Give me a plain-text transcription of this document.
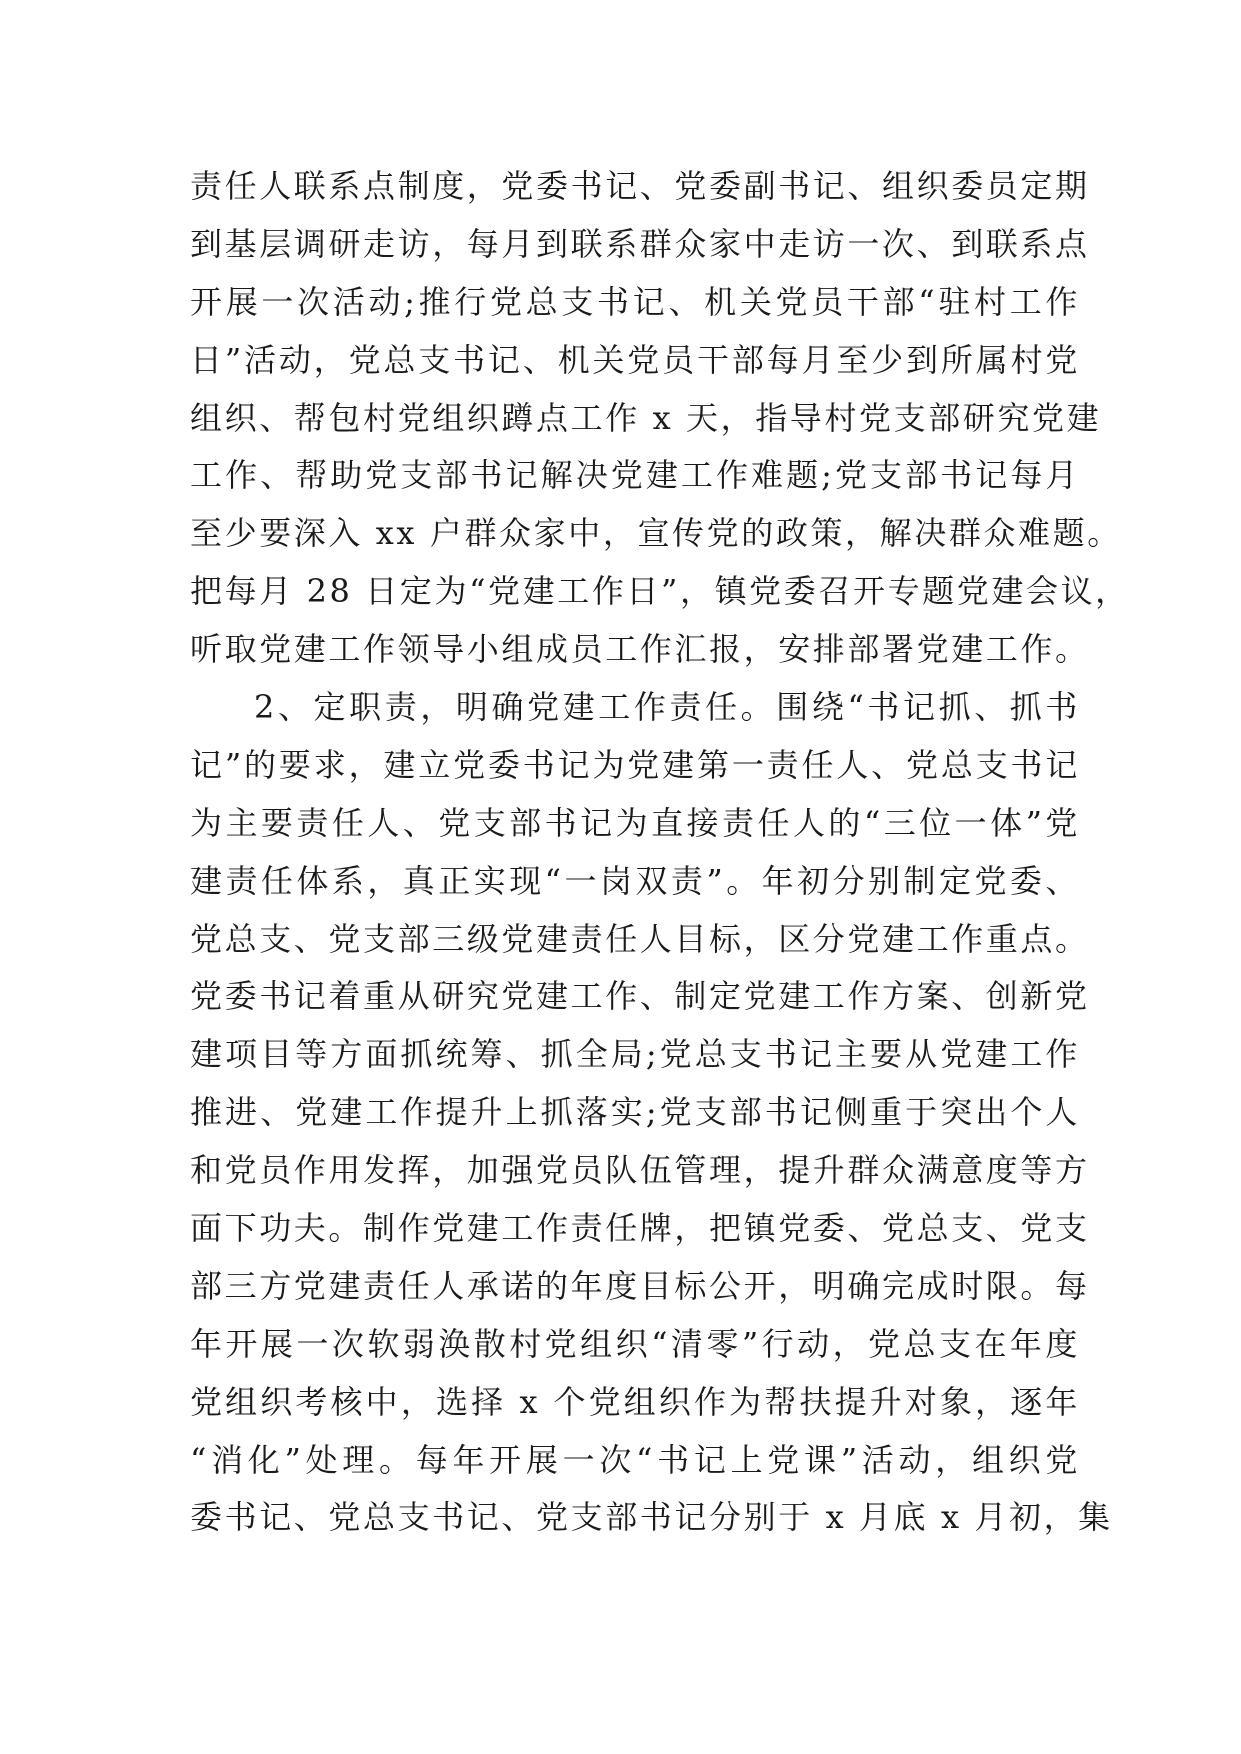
责任人联系点制度，党委书记、党委副书记、组织委员定期
到基层调研走访，每月到联系群众家中走访一次、到联系点
开展一次活动;推行党总支书记、机关党员干部“驻村工作
日”活动，党总支书记、机关党员干部每月至少到所属村党
组织、帮包村党组织蹲点工作 x 天，指导村党支部研究党建
工作、帮助党支部书记解决党建工作难题;党支部书记每月
至少要深入 xx 户群众家中，宣传党的政策，解决群众难题。
把每月 28 日定为“党建工作日”，镇党委召开专题党建会议，
听取党建工作领导小组成员工作汇报，安排部署党建工作。
2、定职责，明确党建工作责任。围绕“书记抓、抓书
记”的要求，建立党委书记为党建第一责任人、党总支书记
为主要责任人、党支部书记为直接责任人的“三位一体”党
建责任体系，真正实现“一岗双责”。年初分别制定党委、
党总支、党支部三级党建责任人目标，区分党建工作重点。
党委书记着重从研究党建工作、制定党建工作方案、创新党
建项目等方面抓统筹、抓全局;党总支书记主要从党建工作
推进、党建工作提升上抓落实;党支部书记侧重于突出个人
和党员作用发挥，加强党员队伍管理，提升群众满意度等方
面下功夫。制作党建工作责任牌，把镇党委、党总支、党支
部三方党建责任人承诺的年度目标公开，明确完成时限。每
年开展一次软弱涣散村党组织“清零”行动，党总支在年度
党组织考核中，选择 x 个党组织作为帮扶提升对象，逐年
“消化”处理。每年开展一次“书记上党课”活动，组织党
委书记、党总支书记、党支部书记分别于 x 月底 x 月初，集
